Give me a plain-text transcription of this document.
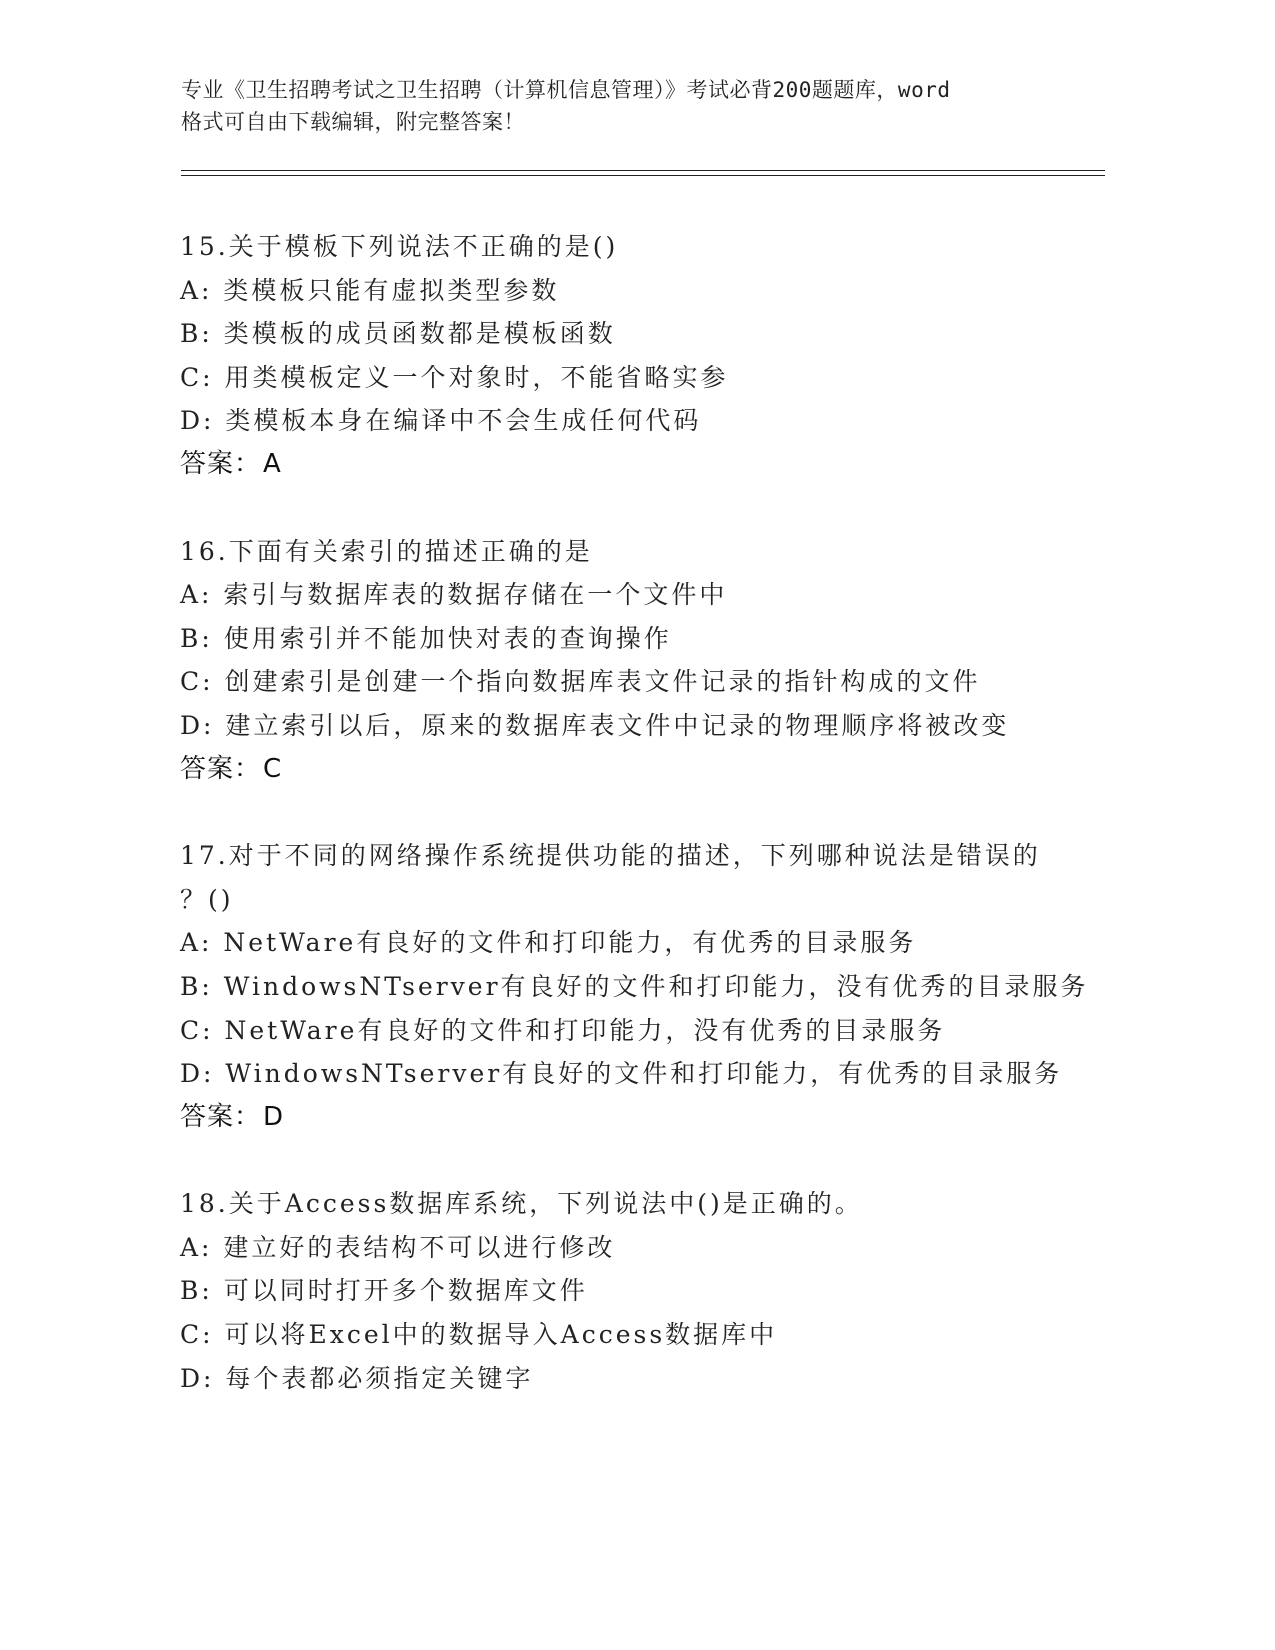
专业《卫生招聘考试之卫生招聘（计算机信息管理）》考试必背200题题库，word
格式可自由下载编辑，附完整答案！
15.关于模板下列说法不正确的是()
A: 类模板只能有虚拟类型参数
B: 类模板的成员函数都是模板函数
C: 用类模板定义一个对象时，不能省略实参
D: 类模板本身在编译中不会生成任何代码
答案：A
16.下面有关索引的描述正确的是
A: 索引与数据库表的数据存储在一个文件中
B: 使用索引并不能加快对表的查询操作
C: 创建索引是创建一个指向数据库表文件记录的指针构成的文件
D: 建立索引以后，原来的数据库表文件中记录的物理顺序将被改变
答案：C
17.对于不同的网络操作系统提供功能的描述，下列哪种说法是错误的
？()
A: NetWare有良好的文件和打印能力，有优秀的目录服务
B: WindowsNTserver有良好的文件和打印能力，没有优秀的目录服务
C: NetWare有良好的文件和打印能力，没有优秀的目录服务
D: WindowsNTserver有良好的文件和打印能力，有优秀的目录服务
答案：D
18.关于Access数据库系统，下列说法中()是正确的。
A: 建立好的表结构不可以进行修改
B: 可以同时打开多个数据库文件
C: 可以将Excel中的数据导入Access数据库中
D: 每个表都必须指定关键字
